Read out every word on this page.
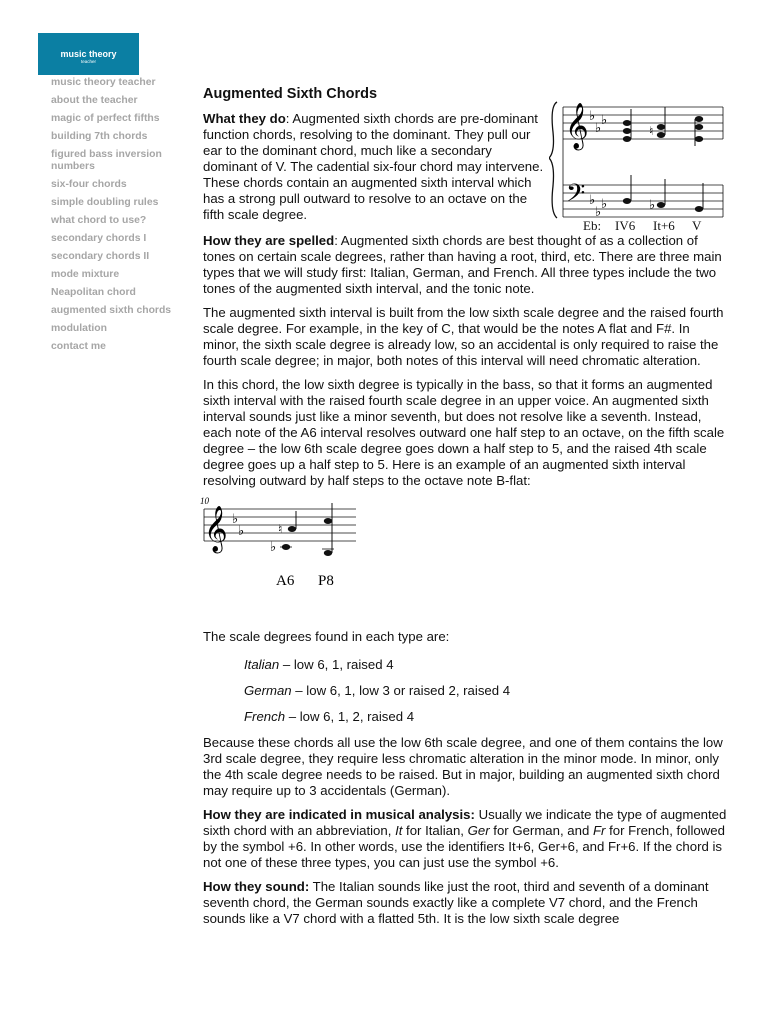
music theory
teacher
music theory teacher
about the teacher
magic of perfect fifths
building 7th chords
figured bass inversion numbers
six-four chords
simple doubling rules
what chord to use?
secondary chords I
secondary chords II
mode mixture
Neapolitan chord
augmented sixth chords
modulation
contact me
Augmented Sixth Chords

What they do: Augmented sixth chords are pre-dominant function chords, resolving to the dominant. They pull our ear to the dominant chord, much like a secondary dominant of V. The cadential six-four chord may intervene. These chords contain an augmented sixth interval which has a strong pull outward to resolve to an octave on the fifth scale degree.

𝄞
𝄢
♭
♭
♭
♭
♭
♭
♮
♭
Eb: IV6 It+6 V

How they are spelled: Augmented sixth chords are best thought of as a collection of tones on certain scale degrees, rather than having a root, third, etc. There are three main types that we will study first: Italian, German, and French. All three types include the two tones of the augmented sixth interval, and the tonic note.

The augmented sixth interval is built from the low sixth scale degree and the raised fourth scale degree. For example, in the key of C, that would be the notes A flat and F#. In minor, the sixth scale degree is already low, so an accidental is only required to raise the fourth scale degree; in major, both notes of this interval will need chromatic alteration.

In this chord, the low sixth degree is typically in the bass, so that it forms an augmented sixth interval with the raised fourth scale degree in an upper voice. An augmented sixth interval sounds just like a minor seventh, but does not resolve like a seventh. Instead, each note of the A6 interval resolves outward one half step to an octave, on the fifth scale degree – the low 6th scale degree goes down a half step to 5, and the raised 4th scale degree goes up a half step to 5. Here is an example of an augmented sixth interval resolving outward by half steps to the octave note B-flat:

10
𝄞 ♭
♭	♮
♭
A6 P8

The scale degrees found in each type are:

Italian – low 6, 1, raised 4

German – low 6, 1, low 3 or raised 2, raised 4

French – low 6, 1, 2, raised 4

Because these chords all use the low 6th scale degree, and one of them contains the low 3rd scale degree, they require less chromatic alteration in the minor mode. In minor, only the 4th scale degree needs to be raised. But in major, building an augmented sixth chord may require up to 3 accidentals (German).

How they are indicated in musical analysis: Usually we indicate the type of augmented sixth chord with an abbreviation, It for Italian, Ger for German, and Fr for French, followed by the symbol +6. In other words, use the identifiers It+6, Ger+6, and Fr+6. If the chord is not one of these three types, you can just use the symbol +6.

How they sound: The Italian sounds like just the root, third and seventh of a dominant seventh chord, the German sounds exactly like a complete V7 chord, and the French sounds like a V7 chord with a flatted 5th. It is the low sixth scale degree
